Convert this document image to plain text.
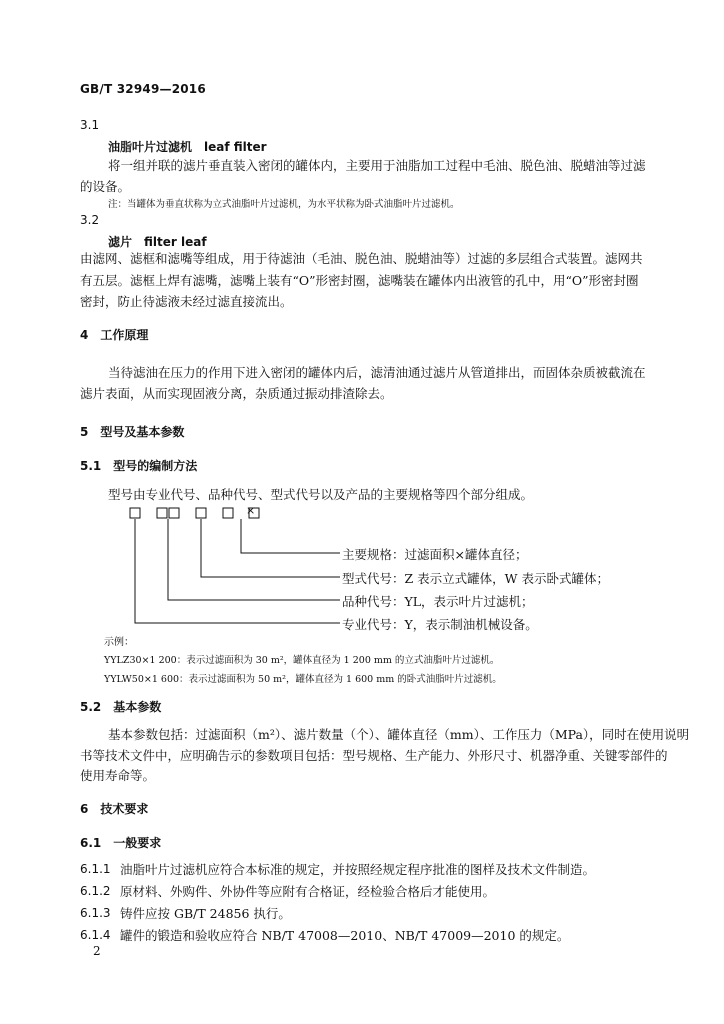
GB/T 32949—2016
3.1
油脂叶片过滤机　leaf filter
将一组并联的滤片垂直装入密闭的罐体内，主要用于油脂加工过程中毛油、脱色油、脱蜡油等过滤
的设备。
注：当罐体为垂直状称为立式油脂叶片过滤机，为水平状称为卧式油脂叶片过滤机。
3.2
滤片　filter leaf
由滤网、滤框和滤嘴等组成，用于待滤油（毛油、脱色油、脱蜡油等）过滤的多层组合式装置。滤网共
有五层。滤框上焊有滤嘴，滤嘴上装有“O”形密封圈，滤嘴装在罐体内出液管的孔中，用“O”形密封圈
密封，防止待滤液未经过滤直接流出。
4　工作原理
当待滤油在压力的作用下进入密闭的罐体内后，滤清油通过滤片从管道排出，而固体杂质被截流在
滤片表面，从而实现固液分离，杂质通过振动排渣除去。
5　型号及基本参数
5.1　型号的编制方法
型号由专业代号、品种代号、型式代号以及产品的主要规格等四个部分组成。
×
主要规格：过滤面积×罐体直径；
型式代号：Z 表示立式罐体，W 表示卧式罐体；
品种代号：YL，表示叶片过滤机；
专业代号：Y，表示制油机械设备。
示例：
YYLZ30×1 200：表示过滤面积为 30 m²，罐体直径为 1 200 mm 的立式油脂叶片过滤机。
YYLW50×1 600：表示过滤面积为 50 m²，罐体直径为 1 600 mm 的卧式油脂叶片过滤机。
5.2　基本参数
基本参数包括：过滤面积（m²）、滤片数量（个）、罐体直径（mm）、工作压力（MPa），同时在使用说明
书等技术文件中，应明确告示的参数项目包括：型号规格、生产能力、外形尺寸、机器净重、关键零部件的
使用寿命等。
6　技术要求
6.1　一般要求
6.1.1 油脂叶片过滤机应符合本标准的规定，并按照经规定程序批准的图样及技术文件制造。
6.1.2 原材料、外购件、外协件等应附有合格证，经检验合格后才能使用。
6.1.3 铸件应按 GB/T 24856 执行。
6.1.4 罐件的锻造和验收应符合 NB/T 47008—2010、NB/T 47009—2010 的规定。
2
